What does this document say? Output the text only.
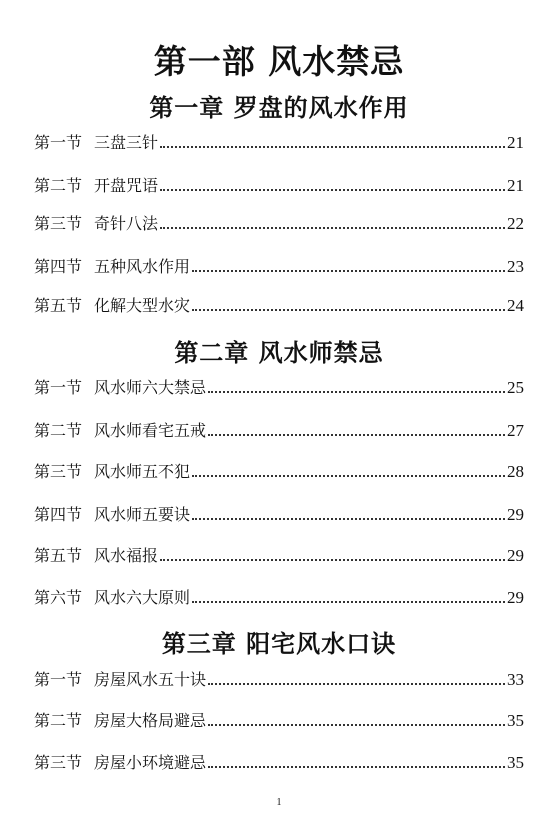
第一部 风水禁忌
第一章 罗盘的风水作用
第一节 三盘三针	21
第二节 开盘咒语	21
第三节 奇针八法	22
第四节 五种风水作用	23
第五节 化解大型水灾	24
第二章 风水师禁忌
第一节 风水师六大禁忌	25
第二节 风水师看宅五戒	27
第三节 风水师五不犯	28
第四节 风水师五要诀	29
第五节 风水福报	29
第六节 风水六大原则	29
第三章 阳宅风水口诀
第一节 房屋风水五十诀	33
第二节 房屋大格局避忌	35
第三节 房屋小环境避忌	35
1
